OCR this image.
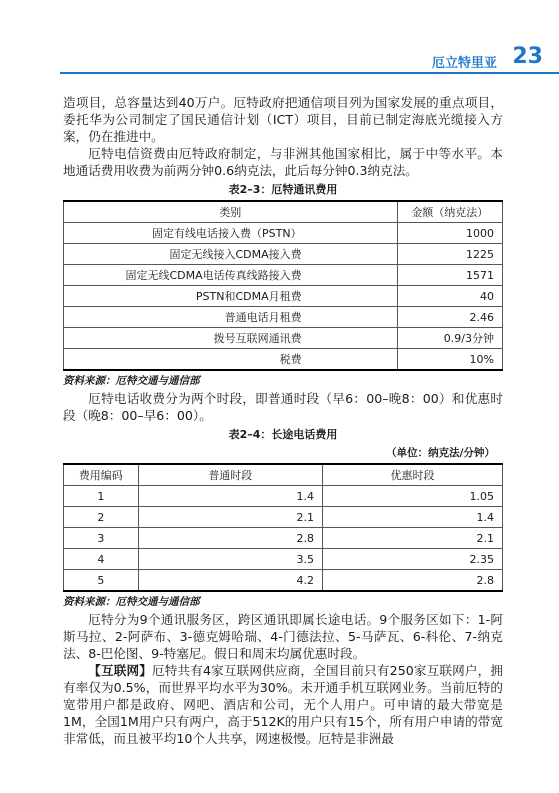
厄立特里亚 23

造项目，总容量达到40万户。厄特政府把通信项目列为国家发展的重点项目，委托华为公司制定了国民通信计划（ICT）项目，目前已制定海底光缆接入方案，仍在推进中。

厄特电信资费由厄特政府制定，与非洲其他国家相比，属于中等水平。本地通话费用收费为前两分钟0.6纳克法，此后每分钟0.3纳克法。

表2–3：厄特通讯费用
类别	金额（纳克法）
固定有线电话接入费（PSTN）	1000
固定无线接入CDMA接入费	1225
固定无线CDMA电话传真线路接入费	1571
PSTN和CDMA月租费	40
普通电话月租费	2.46
拨号互联网通讯费	0.9/3分钟
税费	10%
资料来源：厄特交通与通信部

厄特电话收费分为两个时段，即普通时段（早6：00–晚8：00）和优惠时段（晚8：00–早6：00）。

表2–4：长途电话费用
（单位：纳克法/分钟）
费用编码	普通时段	优惠时段
1	1.4	1.05
2	2.1	1.4
3	2.8	2.1
4	3.5	2.35
5	4.2	2.8
资料来源：厄特交通与通信部

厄特分为9个通讯服务区，跨区通讯即属长途电话。9个服务区如下：1-阿斯马拉、2-阿萨布、3-德克姆哈瑞、4-门德法拉、5-马萨瓦、6-科伦、7-纳克法、8-巴伦图、9-特塞尼。假日和周末均属优惠时段。

【互联网】厄特共有4家互联网供应商，全国目前只有250家互联网户，拥有率仅为0.5%，而世界平均水平为30%。未开通手机互联网业务。当前厄特的宽带用户都是政府、网吧、酒店和公司，无个人用户。可申请的最大带宽是1M，全国1M用户只有两户，高于512K的用户只有15个，所有用户申请的带宽非常低，而且被平均10个人共享，网速极慢。厄特是非洲最
